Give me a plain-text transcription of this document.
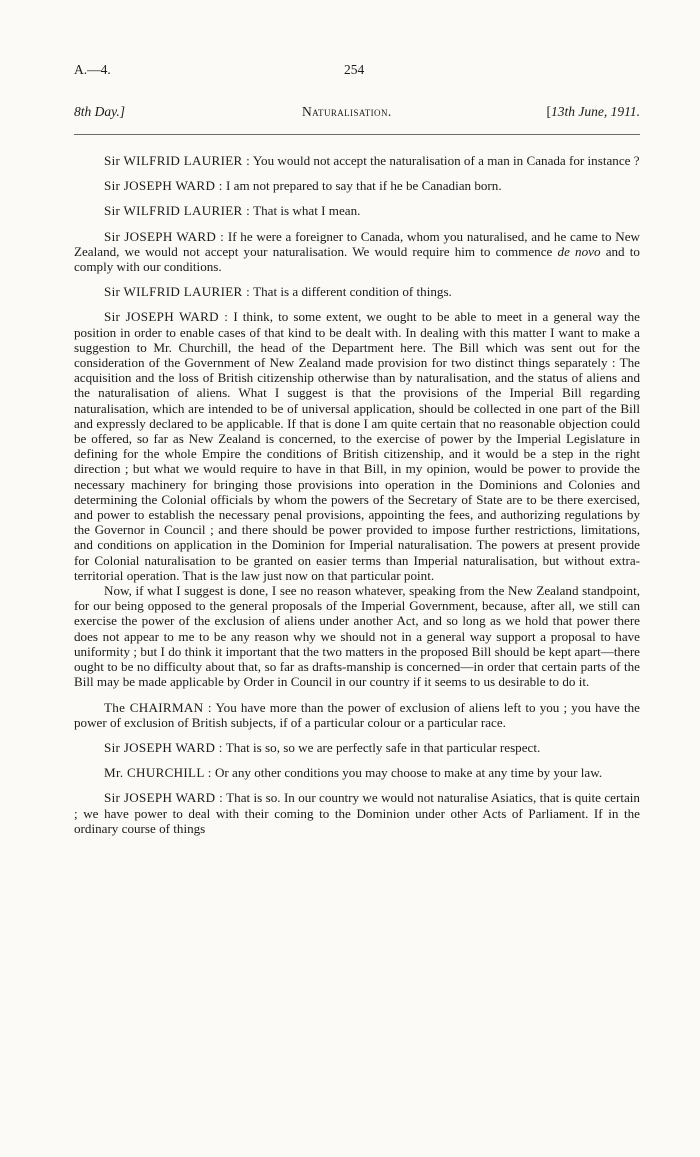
A.—4.	254
8th Day.]	Naturalisation.	[13th June, 1911.

Sir WILFRID LAURIER : You would not accept the naturalisation of a man in Canada for instance ?

Sir JOSEPH WARD : I am not prepared to say that if he be Canadian born.

Sir WILFRID LAURIER : That is what I mean.

Sir JOSEPH WARD : If he were a foreigner to Canada, whom you naturalised, and he came to New Zealand, we would not accept your naturalisation. We would require him to commence de novo and to comply with our conditions.

Sir WILFRID LAURIER : That is a different condition of things.

Sir JOSEPH WARD : I think, to some extent, we ought to be able to meet in a general way the position in order to enable cases of that kind to be dealt with. In dealing with this matter I want to make a suggestion to Mr. Churchill, the head of the Department here. The Bill which was sent out for the consideration of the Government of New Zealand made provision for two distinct things separately : The acquisition and the loss of British citizenship otherwise than by naturalisation, and the status of aliens and the naturalisation of aliens. What I suggest is that the provisions of the Imperial Bill regarding naturalisation, which are intended to be of universal application, should be collected in one part of the Bill and expressly declared to be applicable. If that is done I am quite certain that no reasonable objection could be offered, so far as New Zealand is concerned, to the exercise of power by the Imperial Legislature in defining for the whole Empire the conditions of British citizenship, and it would be a step in the right direction ; but what we would require to have in that Bill, in my opinion, would be power to provide the necessary machinery for bringing those provisions into operation in the Dominions and Colonies and determining the Colonial officials by whom the powers of the Secretary of State are to be there exercised, and power to establish the necessary penal provisions, appointing the fees, and authorizing regulations by the Governor in Council ; and there should be power provided to impose further restrictions, limitations, and conditions on application in the Dominion for Imperial naturalisation. The powers at present provide for Colonial naturalisation to be granted on easier terms than Imperial naturalisation, but without extra-territorial operation. That is the law just now on that particular point.

Now, if what I suggest is done, I see no reason whatever, speaking from the New Zealand standpoint, for our being opposed to the general proposals of the Imperial Government, because, after all, we still can exercise the power of the exclusion of aliens under another Act, and so long as we hold that power there does not appear to me to be any reason why we should not in a general way support a proposal to have uniformity ; but I do think it important that the two matters in the proposed Bill should be kept apart—there ought to be no difficulty about that, so far as drafts-manship is concerned—in order that certain parts of the Bill may be made applicable by Order in Council in our country if it seems to us desirable to do it.

The CHAIRMAN : You have more than the power of exclusion of aliens left to you ; you have the power of exclusion of British subjects, if of a particular colour or a particular race.

Sir JOSEPH WARD : That is so, so we are perfectly safe in that particular respect.

Mr. CHURCHILL : Or any other conditions you may choose to make at any time by your law.

Sir JOSEPH WARD : That is so. In our country we would not naturalise Asiatics, that is quite certain ; we have power to deal with their coming to the Dominion under other Acts of Parliament. If in the ordinary course of things
